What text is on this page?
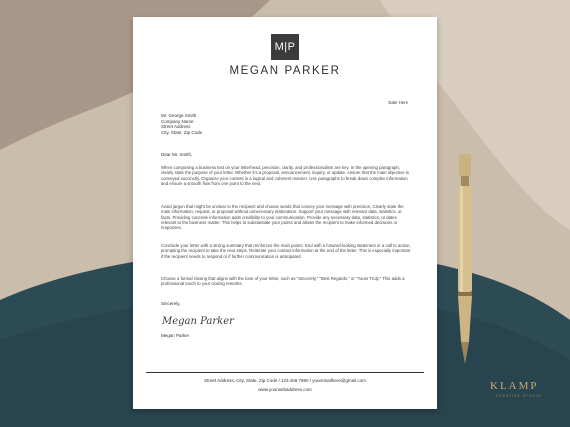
M|P
MEGAN PARKER
Date Here
Mr. George Smith
Company Name
Street Address
City, State, Zip Code
Dear Mr. Smith,
When composing a business text on your letterhead, precision, clarity, and professionalism are key. In the opening paragraph, clearly state the purpose of your letter. Whether it's a proposal, announcement, inquiry, or update, ensure that the main objective is conveyed succinctly. Organize your content in a logical and coherent manner. Use paragraphs to break down complex information and ensure a smooth flow from one point to the next.
Avoid jargon that might be unclear to the recipient and choose words that convey your message with precision. Clearly state the main information, request, or proposal without unnecessary elaboration. Support your message with relevant data, statistics, or facts. Providing concrete information adds credibility to your communication. Provide any necessary data, statistics, or dates relevant to the business matter. This helps to substantiate your points and allows the recipient to make informed decisions or responses.
Conclude your letter with a strong summary that reinforces the main points. End with a forward-looking statement or a call to action, prompting the recipient to take the next steps. Reiterate your contact information at the end of the letter. This is especially important if the recipient needs to respond or if further communication is anticipated.
Choose a formal closing that aligns with the tone of your letter, such as "Sincerely," "Best Regards," or "Yours Truly." This adds a professional touch to your closing remarks.
Sincerely,
Megan Parker
Megan Parker
Street Address, City, State, Zip Code / 123.456.7890 / youremailhere@gmail.com
www.yourwebaddress.com	KLAMP
CREATIVE STUDIO
